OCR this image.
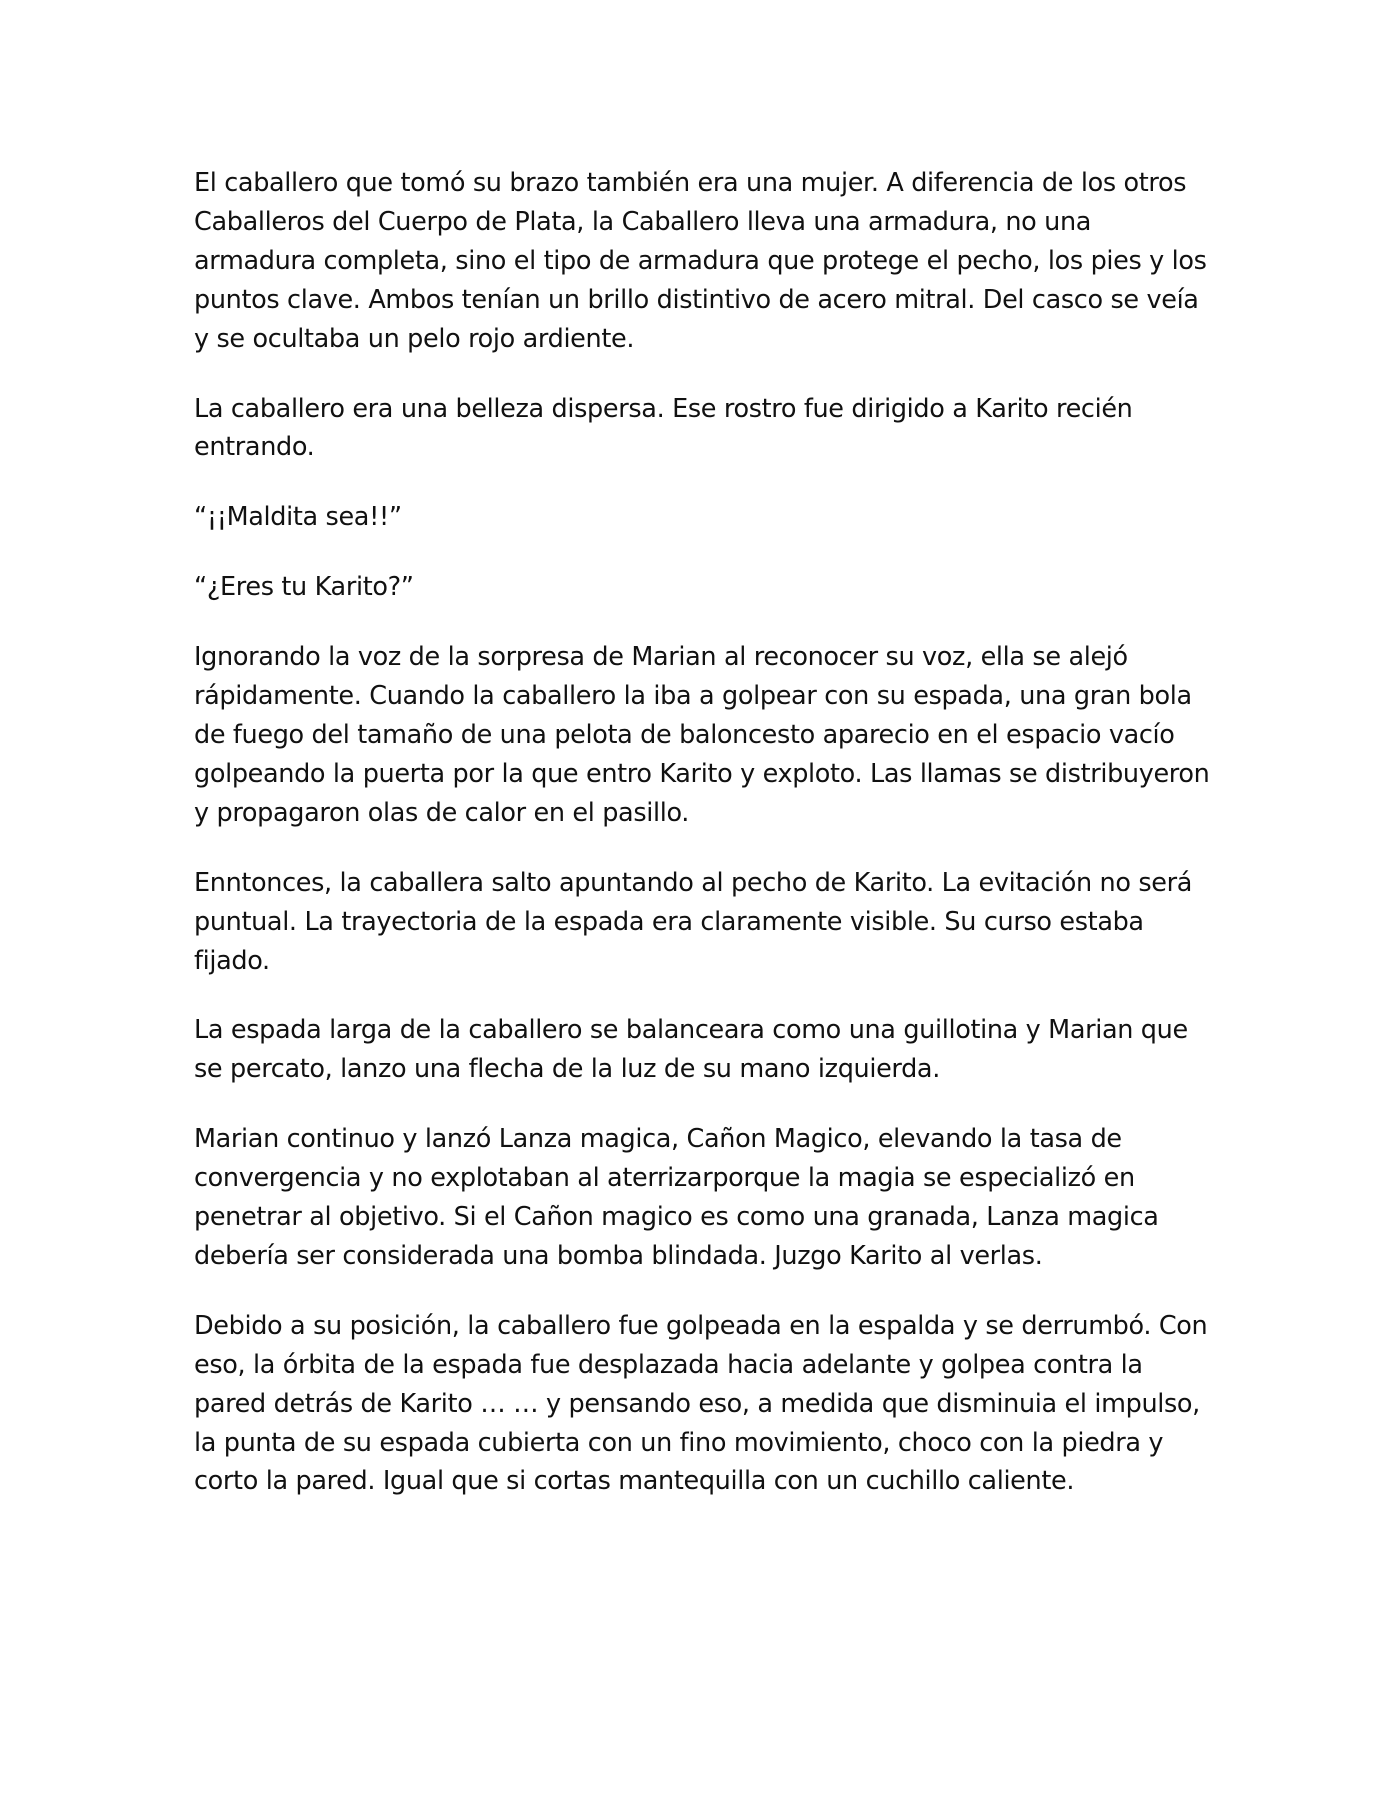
El caballero que tomó su brazo también era una mujer. A diferencia de los otros Caballeros del Cuerpo de Plata, la Caballero lleva una armadura, no una armadura completa, sino el tipo de armadura que protege el pecho, los pies y los puntos clave. Ambos tenían un brillo distintivo de acero mitral. Del casco se veía y se ocultaba un pelo rojo ardiente.

La caballero era una belleza dispersa. Ese rostro fue dirigido a Karito recién entrando.

“¡¡Maldita sea!!”

“¿Eres tu Karito?”

Ignorando la voz de la sorpresa de Marian al reconocer su voz, ella se alejó rápidamente. Cuando la caballero la iba a golpear con su espada, una gran bola de fuego del tamaño de una pelota de baloncesto aparecio en el espacio vacío golpeando la puerta por la que entro Karito y exploto. Las llamas se distribuyeron y propagaron olas de calor en el pasillo.

Enntonces, la caballera salto apuntando al pecho de Karito. La evitación no será puntual. La trayectoria de la espada era claramente visible. Su curso estaba fijado.

La espada larga de la caballero se balanceara como una guillotina y Marian que se percato, lanzo una flecha de la luz de su mano izquierda.

Marian continuo y lanzó Lanza magica, Cañon Magico, elevando la tasa de convergencia y no explotaban al aterrizarporque la magia se especializó en penetrar al objetivo. Si el Cañon magico es como una granada, Lanza magica debería ser considerada una bomba blindada. Juzgo Karito al verlas.

Debido a su posición, la caballero fue golpeada en la espalda y se derrumbó. Con eso, la órbita de la espada fue desplazada hacia adelante y golpea contra la pared detrás de Karito … … y pensando eso, a medida que disminuia el impulso, la punta de su espada cubierta con un fino movimiento, choco con la piedra y corto la pared. Igual que si cortas mantequilla con un cuchillo caliente.
